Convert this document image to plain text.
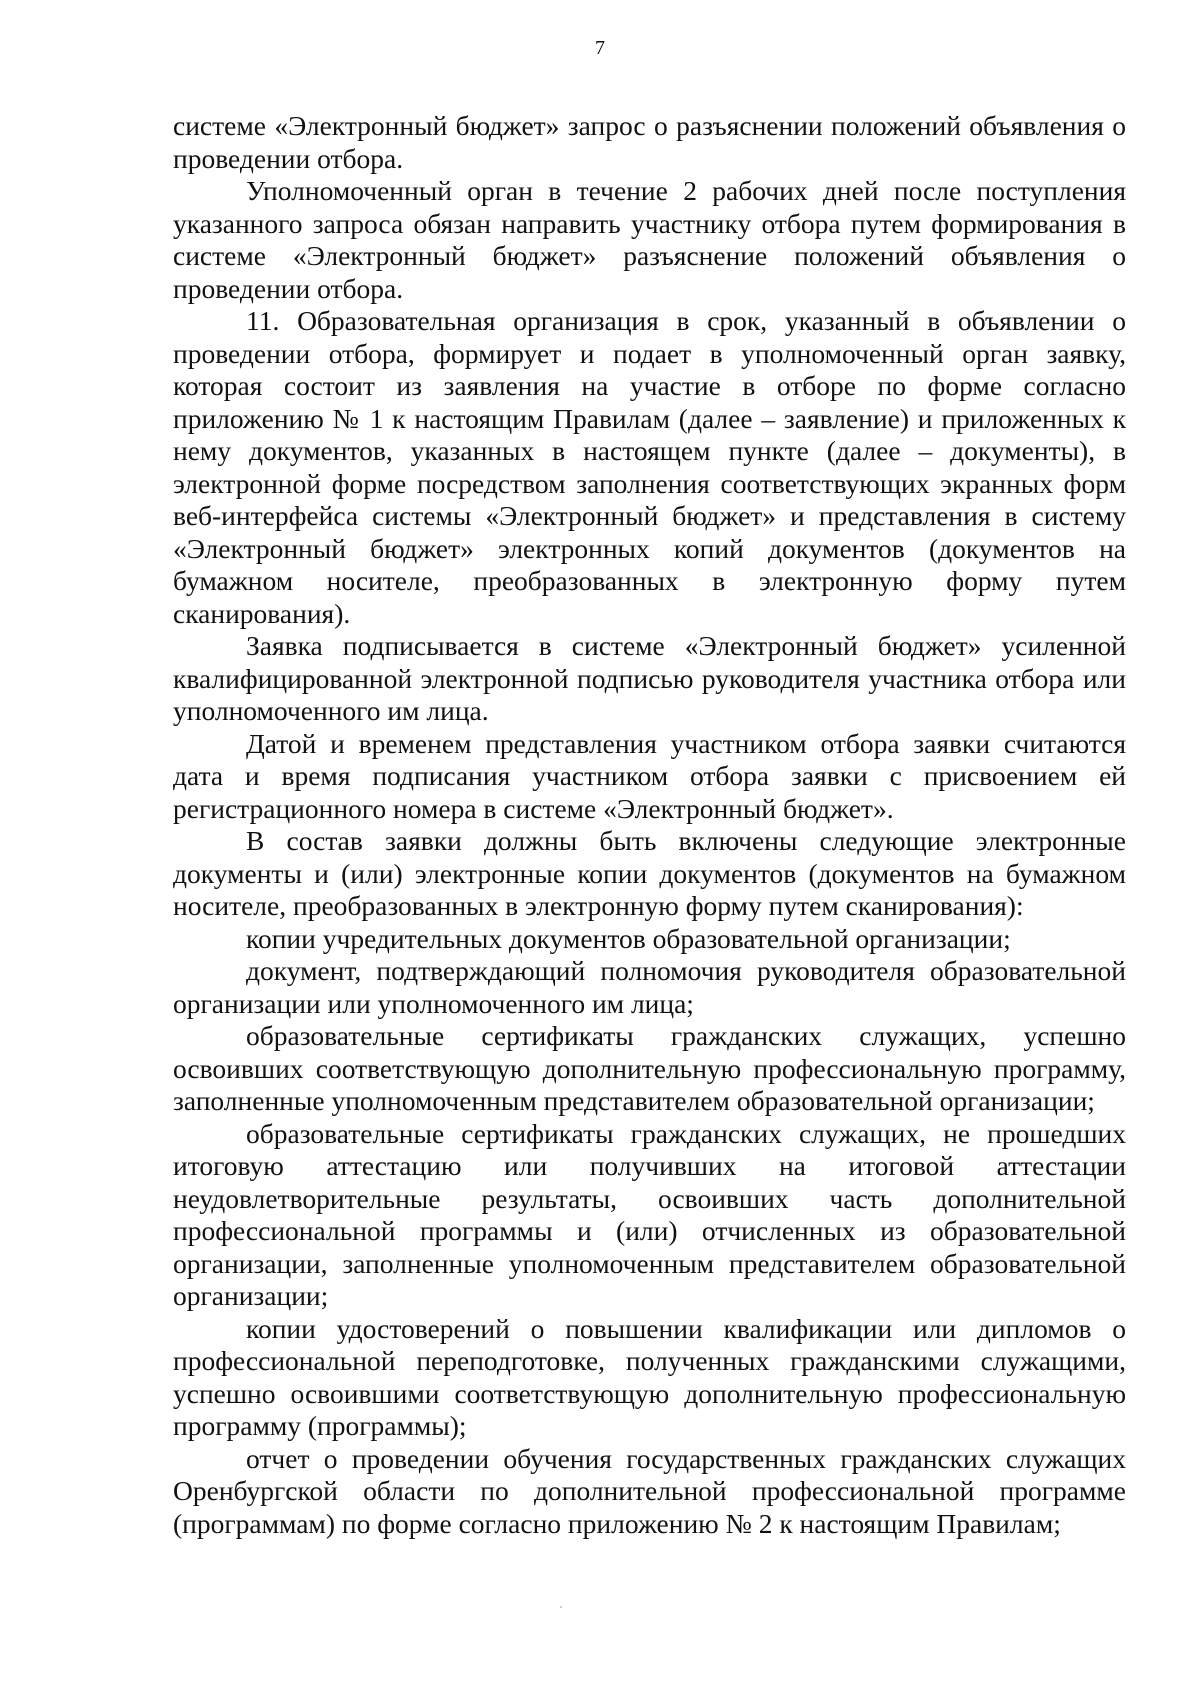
7

системе «Электронный бюджет» запрос о разъяснении положений объявления о проведении отбора.

Уполномоченный орган в течение 2 рабочих дней после поступления указанного запроса обязан направить участнику отбора путем формирования в системе «Электронный бюджет» разъяснение положений объявления о проведении отбора.

11. Образовательная организация в срок, указанный в объявлении о проведении отбора, формирует и подает в уполномоченный орган заявку, которая состоит из заявления на участие в отборе по форме согласно приложению № 1 к настоящим Правилам (далее – заявление) и приложенных к нему документов, указанных в настоящем пункте (далее – документы), в электронной форме посредством заполнения соответствующих экранных форм веб-интерфейса системы «Электронный бюджет» и представления в систему «Электронный бюджет» электронных копий документов (документов на бумажном носителе, преобразованных в электронную форму путем сканирования).

Заявка подписывается в системе «Электронный бюджет» усиленной квалифицированной электронной подписью руководителя участника отбора или уполномоченного им лица.

Датой и временем представления участником отбора заявки считаются дата и время подписания участником отбора заявки с присвоением ей регистрационного номера в системе «Электронный бюджет».

В состав заявки должны быть включены следующие электронные документы и (или) электронные копии документов (документов на бумажном носителе, преобразованных в электронную форму путем сканирования):

копии учредительных документов образовательной организации;

документ, подтверждающий полномочия руководителя образовательной организации или уполномоченного им лица;

образовательные сертификаты гражданских служащих, успешно освоивших соответствующую дополнительную профессиональную программу, заполненные уполномоченным представителем образовательной организации;

образовательные сертификаты гражданских служащих, не прошедших итоговую аттестацию или получивших на итоговой аттестации неудовлетворительные результаты, освоивших часть дополнительной профессиональной программы и (или) отчисленных из образовательной организации, заполненные уполномоченным представителем образовательной организации;

копии удостоверений о повышении квалификации или дипломов о профессиональной переподготовке, полученных гражданскими служащими, успешно освоившими соответствующую дополнительную профессиональную программу (программы);

отчет о проведении обучения государственных гражданских служащих Оренбургской области по дополнительной профессиональной программе (программам) по форме согласно приложению № 2 к настоящим Правилам;
